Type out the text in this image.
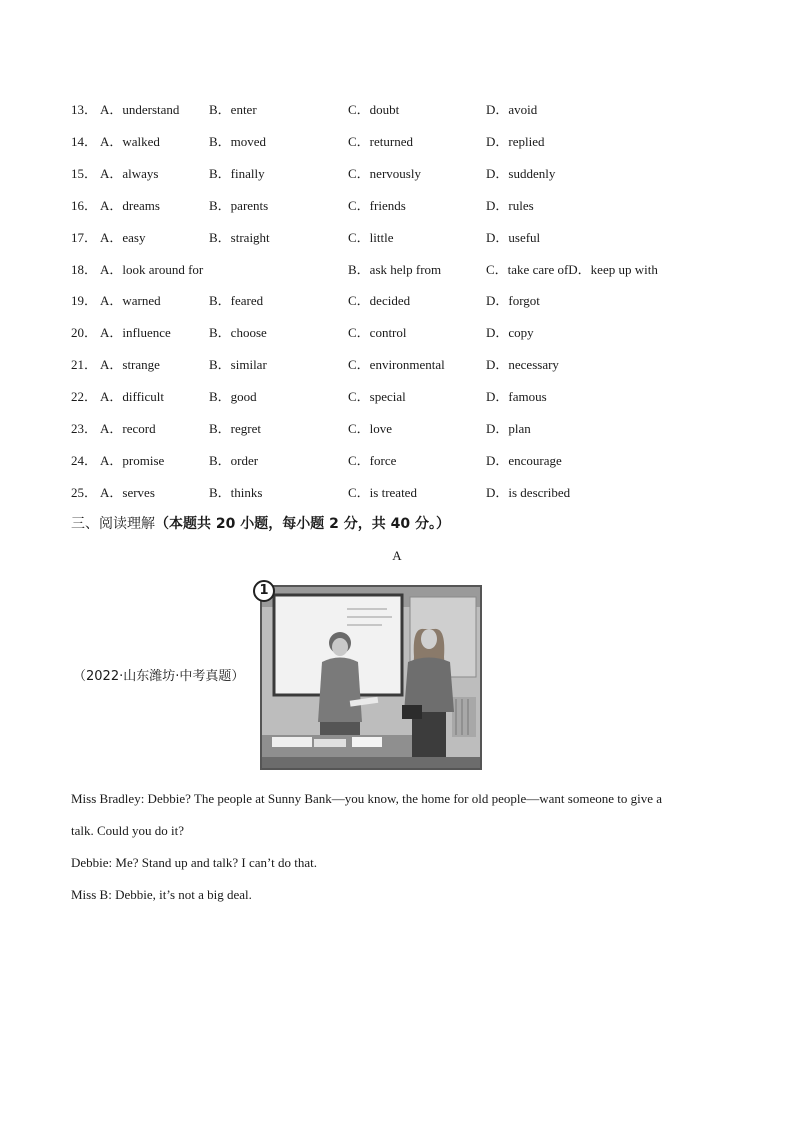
13． A．understand B．enter	C．doubt	D．avoid
14． A．walked	B．moved	C．returned	D．replied
15． A．always	B．finally	C．nervously	D．suddenly
16． A．dreams	B．parents	C．friends	D．rules
17． A．easy	B．straight	C．little	D．useful
18． A．look around for	B．ask help from	C．take care ofD．keep up with
19． A．warned	B．feared	C．decided	D．forgot
20． A．influence	B．choose	C．control	D．copy
21． A．strange	B．similar	C．environmental	D．necessary
22． A．difficult	B．good	C．special	D．famous
23． A．record	B．regret	C．love	D．plan
24． A．promise	B．order	C．force	D．encourage
25． A．serves	B．thinks	C．is treated	D．is described
三、阅读理解（本题共 20 小题，每小题 2 分，共 40 分。）
A
（2022·山东潍坊·中考真题）
1
Miss Bradley: Debbie? The people at Sunny Bank—you know, the home for old people—want someone to give a
talk. Could you do it?
Debbie: Me? Stand up and talk? I can’t do that.
Miss B: Debbie, it’s not a big deal.
